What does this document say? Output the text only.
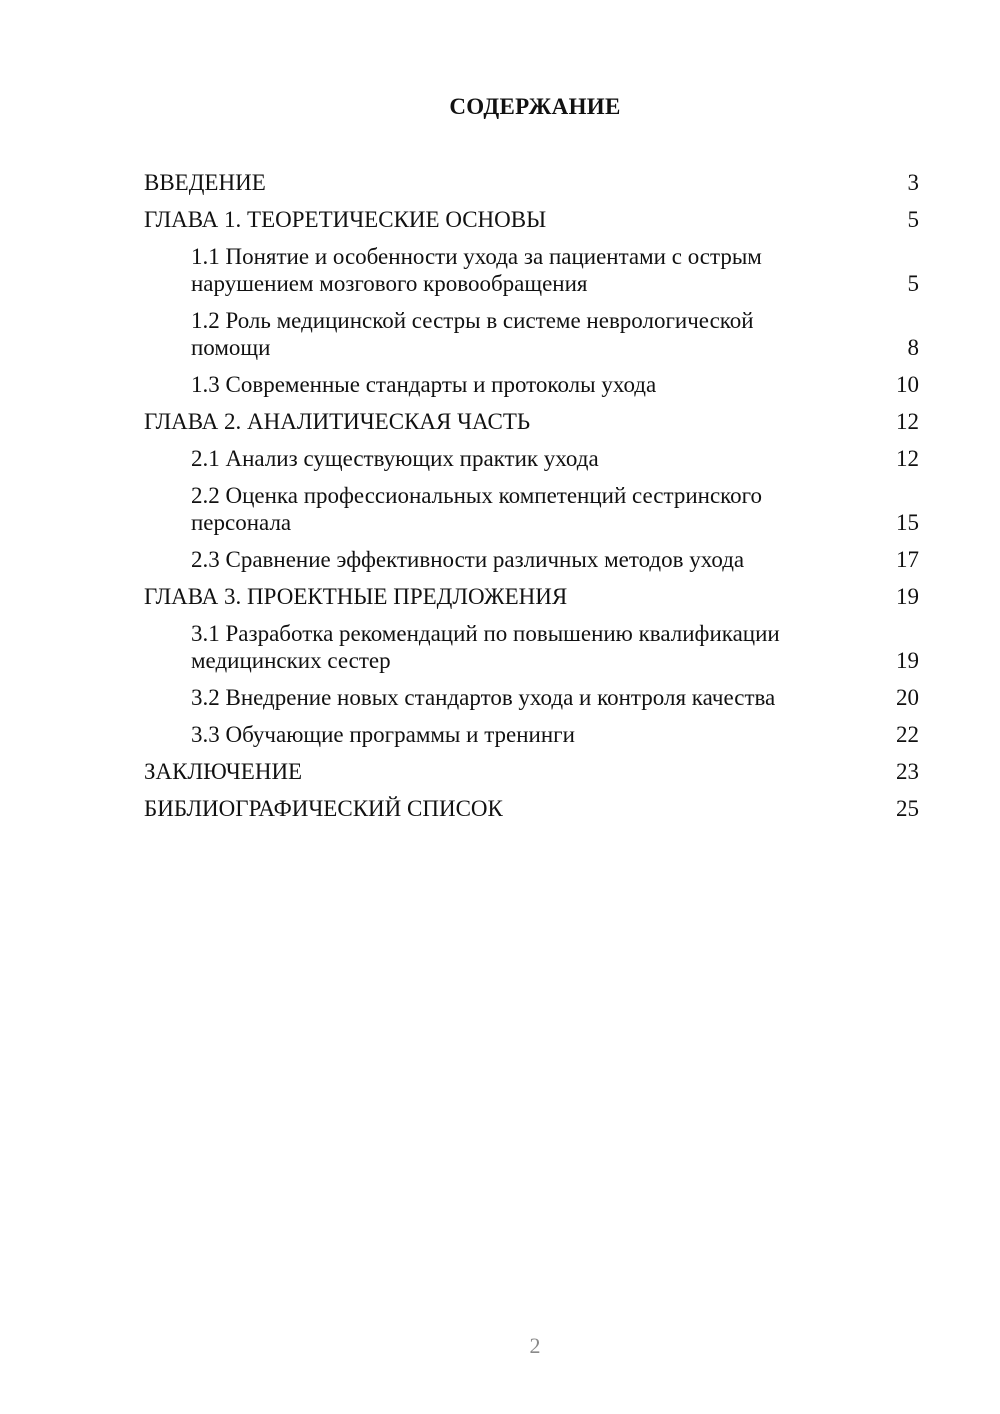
СОДЕРЖАНИЕ
ВВЕДЕНИЕ	3
ГЛАВА 1. ТЕОРЕТИЧЕСКИЕ ОСНОВЫ	5
1.1 Понятие и особенности ухода за пациентами с острым нарушением мозгового кровообращения	5
1.2 Роль медицинской сестры в системе неврологической помощи	8
1.3 Современные стандарты и протоколы ухода	10
ГЛАВА 2. АНАЛИТИЧЕСКАЯ ЧАСТЬ	12
2.1 Анализ существующих практик ухода	12
2.2 Оценка профессиональных компетенций сестринского персонала	15
2.3 Сравнение эффективности различных методов ухода	17
ГЛАВА 3. ПРОЕКТНЫЕ ПРЕДЛОЖЕНИЯ	19
3.1 Разработка рекомендаций по повышению квалификации медицинских сестер	19
3.2 Внедрение новых стандартов ухода и контроля качества	20
3.3 Обучающие программы и тренинги	22
ЗАКЛЮЧЕНИЕ	23
БИБЛИОГРАФИЧЕСКИЙ СПИСОК	25
2
